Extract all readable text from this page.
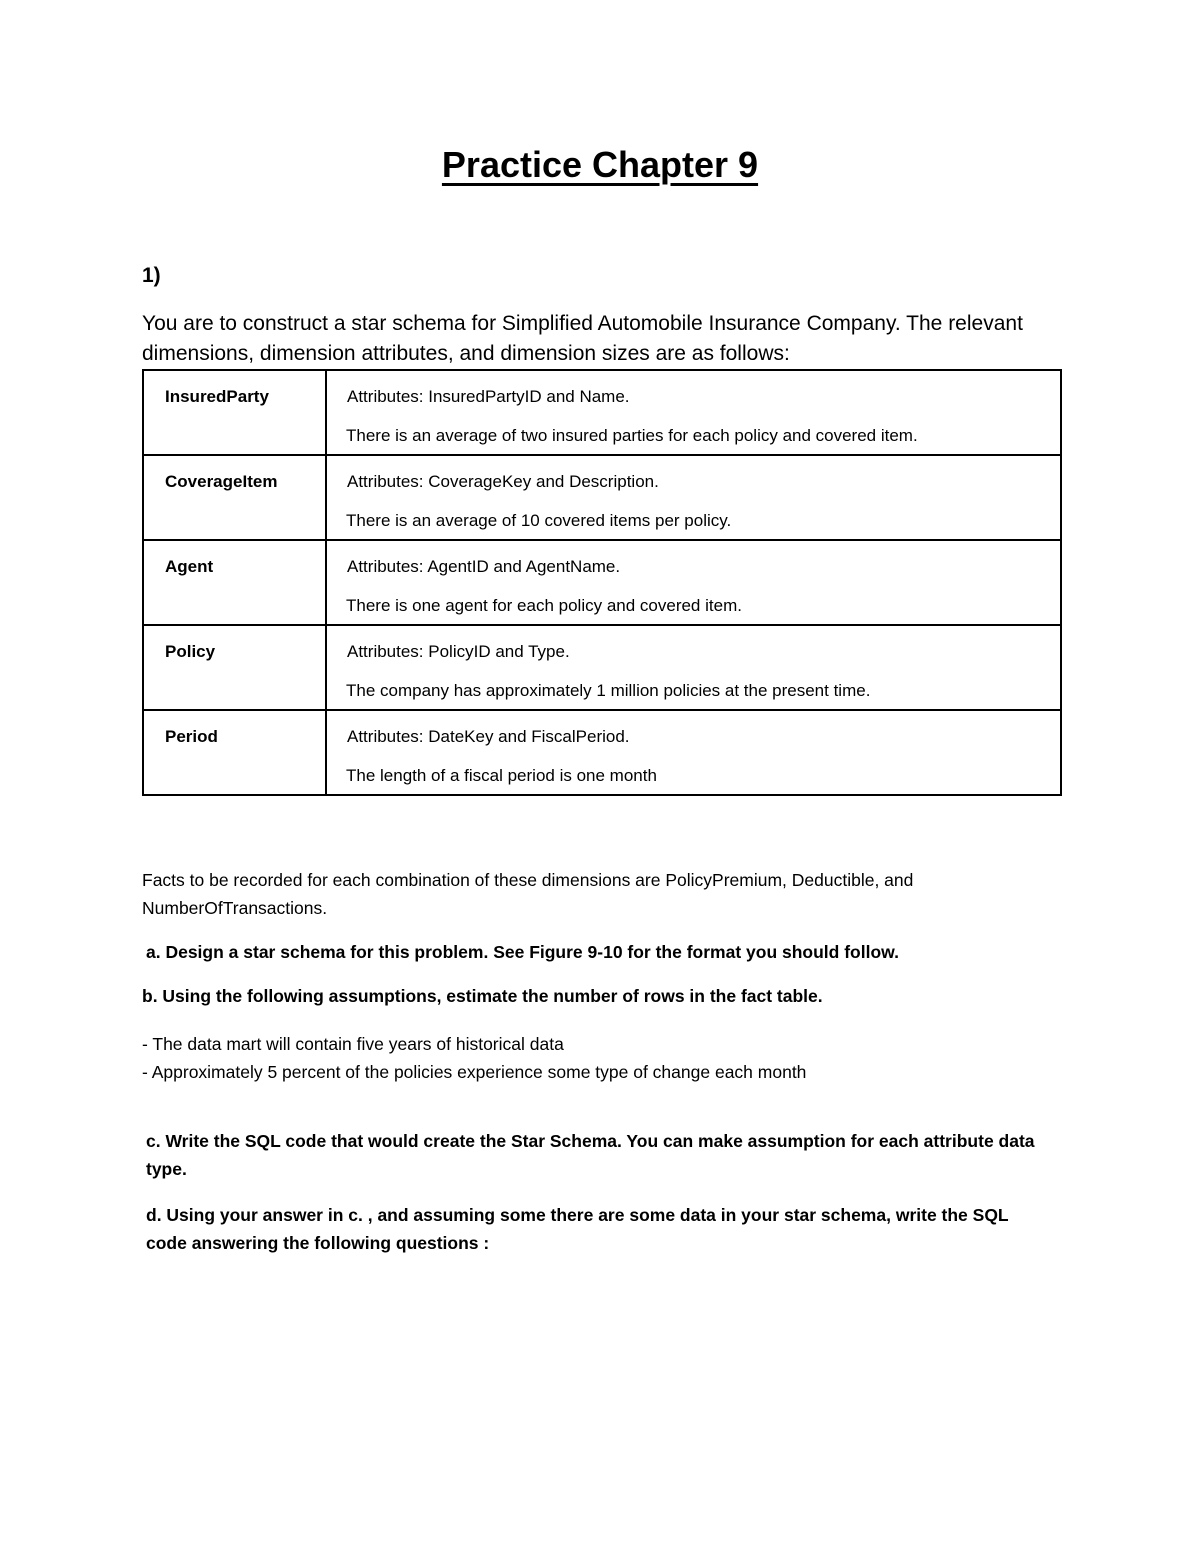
Practice Chapter 9

1)

You are to construct a star schema for Simplified Automobile Insurance Company. The relevant dimensions, dimension attributes, and dimension sizes are as follows:

InsuredParty	Attributes: InsuredPartyID and Name.
There is an average of two insured parties for each policy and covered item.

CoverageItem	Attributes: CoverageKey and Description.
There is an average of 10 covered items per policy.

Agent	Attributes: AgentID and AgentName.
There is one agent for each policy and covered item.

Policy	Attributes: PolicyID and Type.
The company has approximately 1 million policies at the present time.

Period	Attributes: DateKey and FiscalPeriod.
The length of a fiscal period is one month

Facts to be recorded for each combination of these dimensions are PolicyPremium, Deductible, and NumberOfTransactions.

a. Design a star schema for this problem. See Figure 9-10 for the format you should follow.

b. Using the following assumptions, estimate the number of rows in the fact table.

- The data mart will contain five years of historical data
- Approximately 5 percent of the policies experience some type of change each month

c. Write the SQL code that would create the Star Schema. You can make assumption for each attribute data type.

d. Using your answer in c. , and assuming some there are some data in your star schema, write the SQL code answering the following questions :
